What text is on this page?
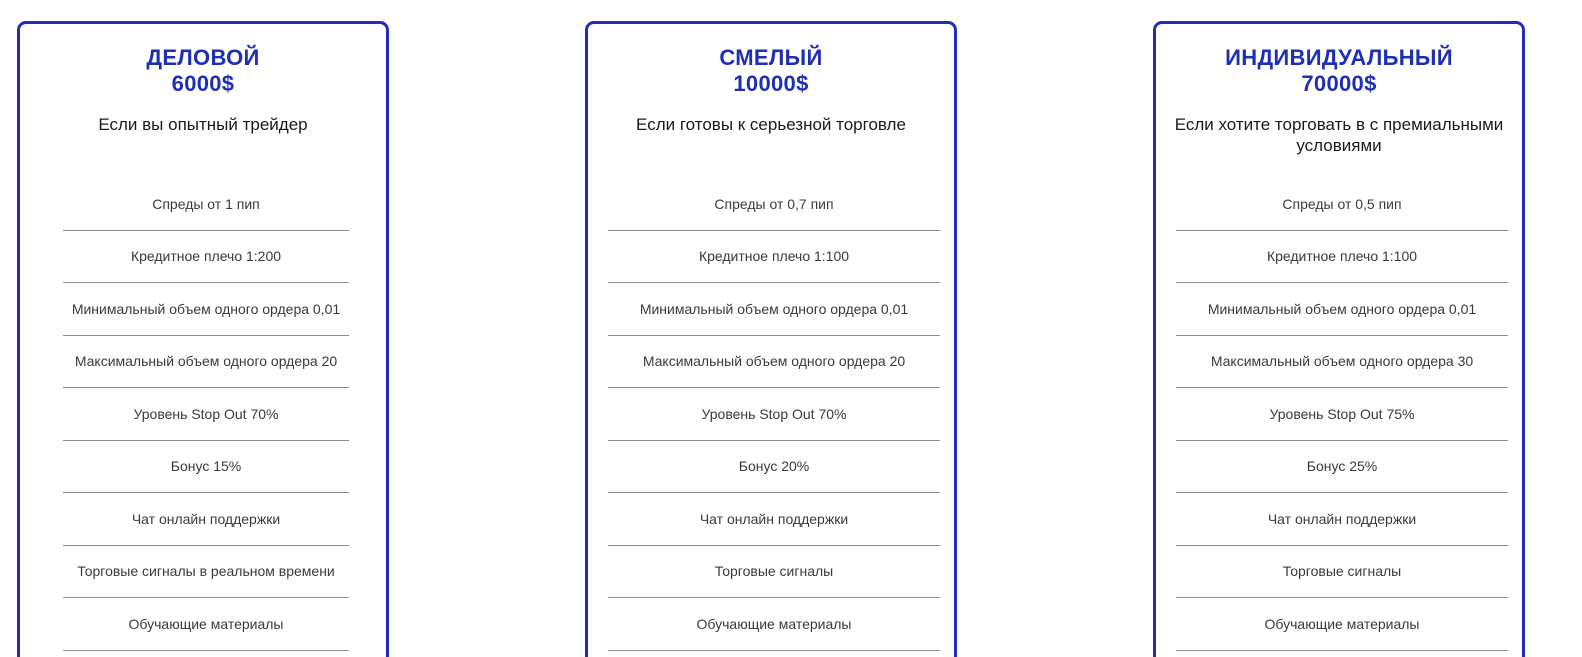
ДЕЛОВОЙ
6000$
Если вы опытный трейдер
Спреды от 1 пип
Кредитное плечо 1:200
Минимальный объем одного ордера 0,01
Максимальный объем одного ордера 20
Уровень Stop Out 70%
Бонус 15%
Чат онлайн поддержки
Торговые сигналы в реальном времени
Обучающие материалы
СМЕЛЫЙ
10000$
Если готовы к серьезной торговле
Спреды от 0,7 пип
Кредитное плечо 1:100
Минимальный объем одного ордера 0,01
Максимальный объем одного ордера 20
Уровень Stop Out 70%
Бонус 20%
Чат онлайн поддержки
Торговые сигналы
Обучающие материалы
ИНДИВИДУАЛЬНЫЙ
70000$
Если хотите торговать в с премиальными условиями
Спреды от 0,5 пип
Кредитное плечо 1:100
Минимальный объем одного ордера 0,01
Максимальный объем одного ордера 30
Уровень Stop Out 75%
Бонус 25%
Чат онлайн поддержки
Торговые сигналы
Обучающие материалы
